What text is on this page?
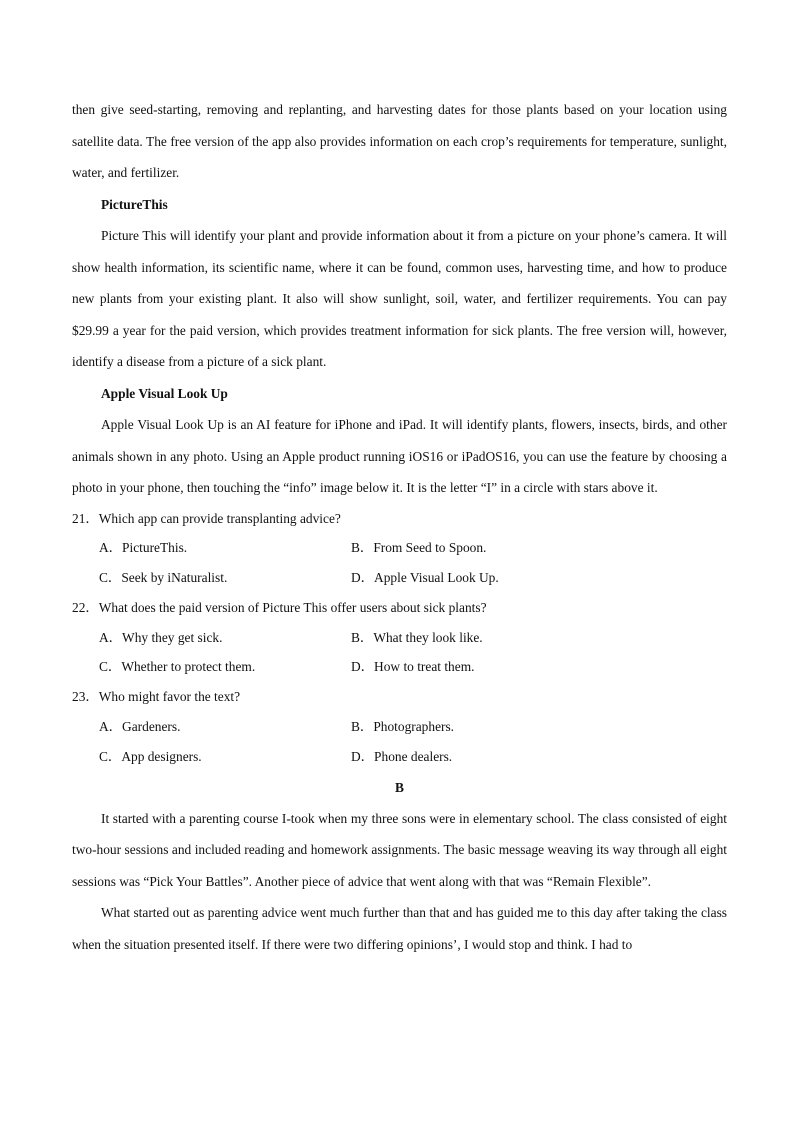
then give seed-starting, removing and replanting, and harvesting dates for those plants based on your location using satellite data. The free version of the app also provides information on each crop’s requirements for temperature, sunlight, water, and fertilizer.

PictureThis

Picture This will identify your plant and provide information about it from a picture on your phone’s camera. It will show health information, its scientific name, where it can be found, common uses, harvesting time, and how to produce new plants from your existing plant. It also will show sunlight, soil, water, and fertilizer requirements. You can pay $29.99 a year for the paid version, which provides treatment information for sick plants. The free version will, however, identify a disease from a picture of a sick plant.

Apple Visual Look Up

Apple Visual Look Up is an AI feature for iPhone and iPad. It will identify plants, flowers, insects, birds, and other animals shown in any photo. Using an Apple product running iOS16 or iPadOS16, you can use the feature by choosing a photo in your phone, then touching the “info” image below it. It is the letter “I” in a circle with stars above it.

21．Which app can provide transplanting advice?

A．PictureThis.	B．From Seed to Spoon.
C．Seek by iNaturalist.	D．Apple Visual Look Up.

22．What does the paid version of Picture This offer users about sick plants?

A．Why they get sick.	B．What they look like.
C．Whether to protect them.	D．How to treat them.

23．Who might favor the text?

A．Gardeners.	B．Photographers.
C．App designers.	D．Phone dealers.

B

It started with a parenting course I-took when my three sons were in elementary school. The class consisted of eight two-hour sessions and included reading and homework assignments. The basic message weaving its way through all eight sessions was “Pick Your Battles”. Another piece of advice that went along with that was “Remain Flexible”.

What started out as parenting advice went much further than that and has guided me to this day after taking the class when the situation presented itself. If there were two differing opinions’, I would stop and think. I had to
